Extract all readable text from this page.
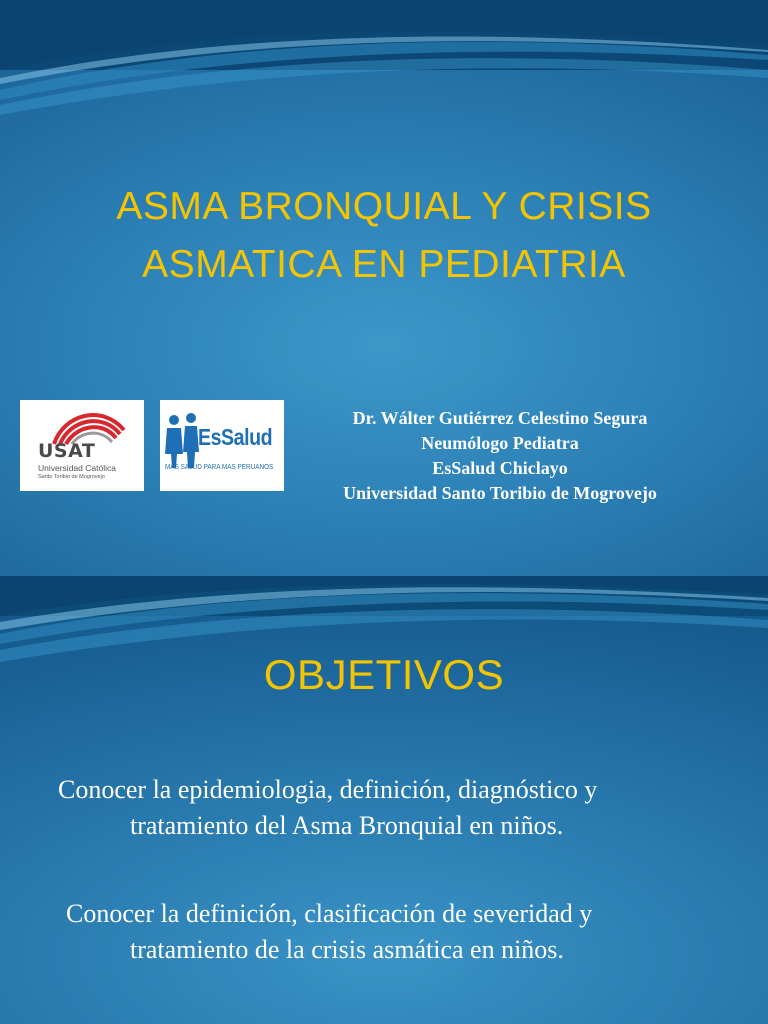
ASMA BRONQUIAL Y CRISIS
ASMATICA EN PEDIATRIA
USAT
Universidad Católica
Santo Toribio de Mogrovejo
EsSalud
MAS SALUD PARA MAS PERUANOS
Dr. Wálter Gutiérrez Celestino Segura
Neumólogo Pediatra
EsSalud Chiclayo
Universidad Santo Toribio de Mogrovejo
OBJETIVOS
Conocer la epidemiologia, definición, diagnóstico y
tratamiento del Asma Bronquial en niños.
Conocer la definición, clasificación de severidad y
tratamiento de la crisis asmática en niños.
